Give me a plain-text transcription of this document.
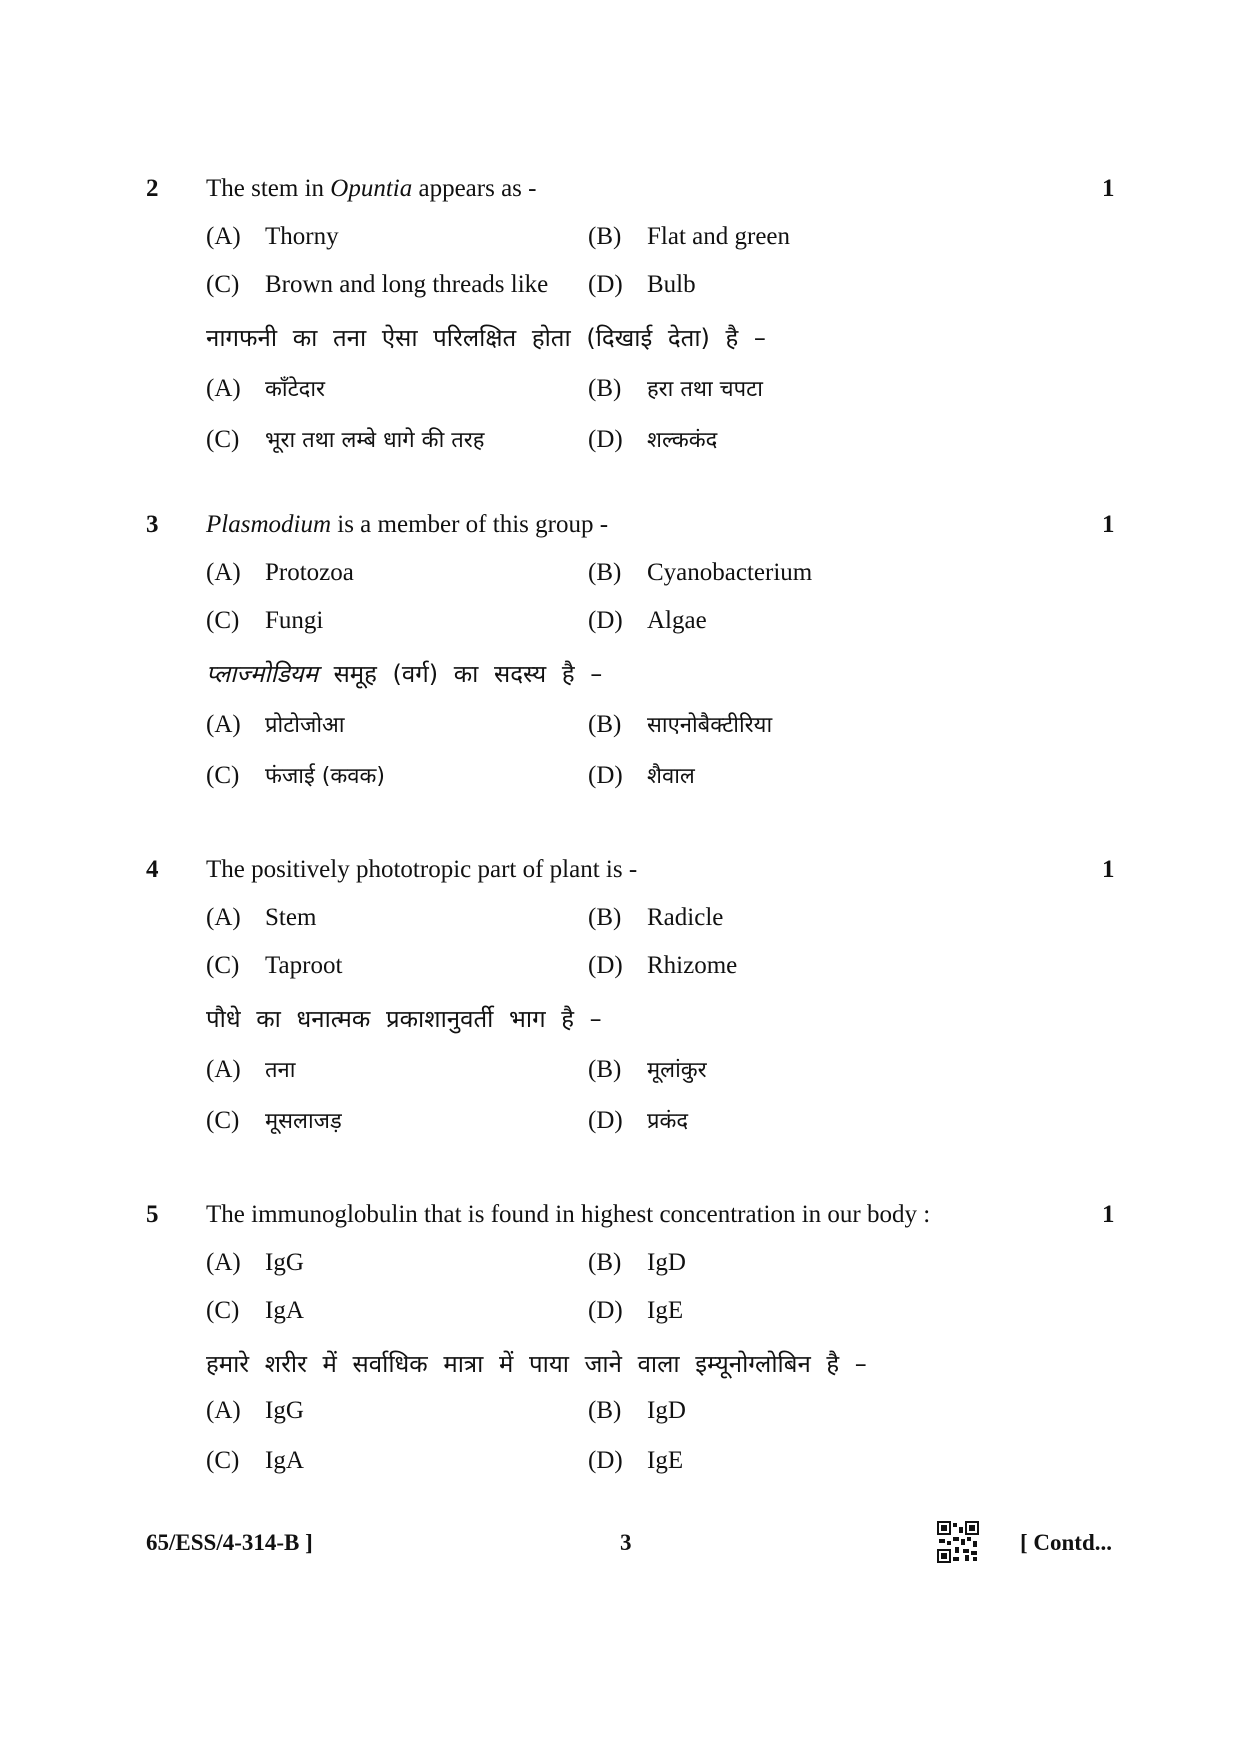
2 The stem in Opuntia appears as -	1
(A) Thorny	(B) Flat and green
(C) Brown and long threads like (D) Bulb
नागफनी का तना ऐसा परिलक्षित होता (दिखाई देता) है –
(A) काँटेदार	(B) हरा तथा चपटा
(C) भूरा तथा लम्बे धागे की तरह	(D) शल्ककंद
3 Plasmodium is a member of this group -	1
(A) Protozoa	(B) Cyanobacterium
(C) Fungi	(D) Algae
प्लाज्मोडियम समूह (वर्ग) का सदस्य है –
(A) प्रोटोजोआ	(B) साएनोबैक्टीरिया
(C) फंजाई (कवक)	(D) शैवाल
4 The positively phototropic part of plant is -	1
(A) Stem	(B) Radicle
(C) Taproot	(D) Rhizome
पौधे का धनात्मक प्रकाशानुवर्ती भाग है –
(A) तना	(B) मूलांकुर
(C) मूसलाजड़	(D) प्रकंद
5 The immunoglobulin that is found in highest concentration in our body :	1
(A) IgG	(B) IgD
(C) IgA	(D) IgE
हमारे शरीर में सर्वाधिक मात्रा में पाया जाने वाला इम्यूनोग्लोबिन है –
(A) IgG	(B) IgD
(C) IgA	(D) IgE
65/ESS/4-314-B ]	3	[ Contd...
